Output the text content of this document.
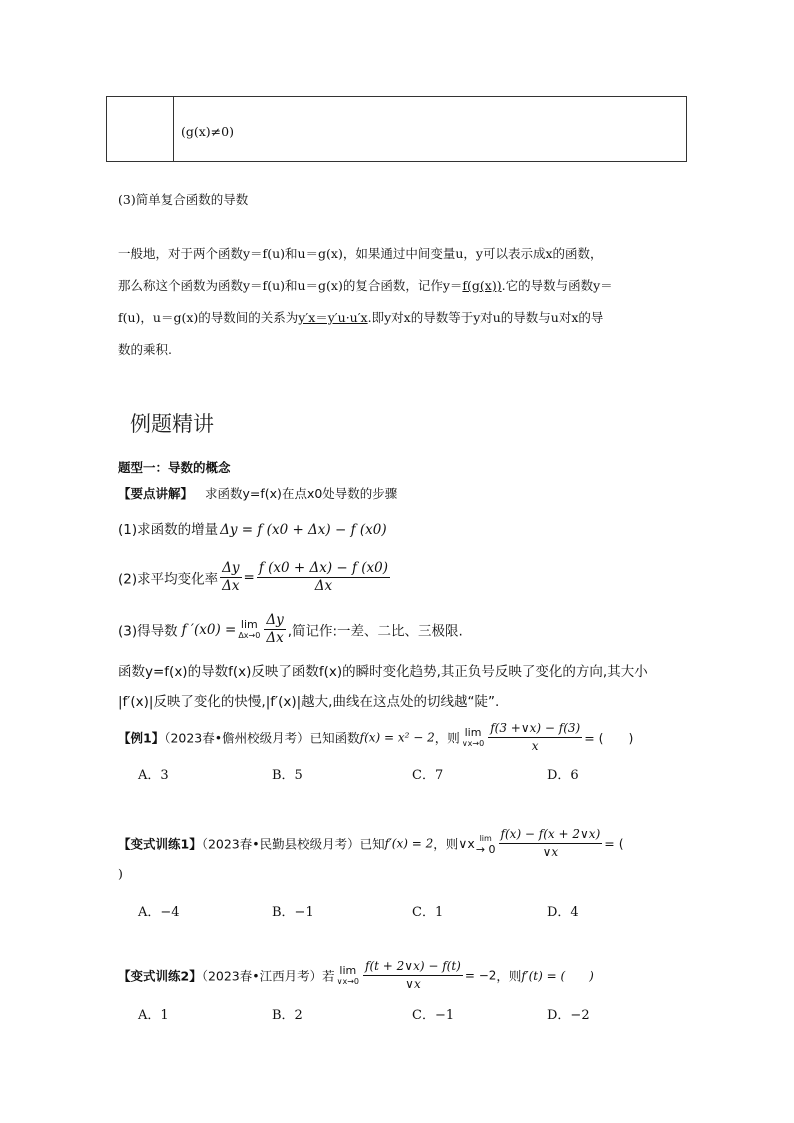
(g(x)≠0)
(3)简单复合函数的导数
一般地，对于两个函数y＝f(u)和u＝g(x)，如果通过中间变量u，y可以表示成x的函数，
那么称这个函数为函数y＝f(u)和u＝g(x)的复合函数，记作y＝f(g(x)).它的导数与函数y＝
f(u)，u＝g(x)的导数间的关系为y′x＝y′u·u′x.即y对x的导数等于y对u的导数与u对x的导
数的乘积.
例题精讲
题型一：导数的概念
【要点讲解】 求函数y=f(x)在点x0处导数的步骤
(1)求函数的增量 Δy = f (x0 + Δx) − f (x0)
(2)求平均变化率 $\frac{\Delta y}{\Delta x} = \frac{f (x0 + \Delta x) - f (x0)}{\Delta x}$
(3)得导数 f ′(x0) = lim
$\Delta x\to 0 \frac{\Delta y}{\Delta x}$ ,简记作:一差、二比、三极限.
函数y=f(x)的导数f(x)反映了函数f(x)的瞬时变化趋势,其正负号反映了变化的方向,其大小
|f′(x)|反映了变化的快慢,|f′(x)|越大,曲线在这点处的切线越“陡”.
【例1】（2023春•儋州校级月考）已知函数f(x) = x² − 2，则 lim
∨x→0 $\frac{f(3 +\vee x) - f(3)}{x}$ = (　　)
A．3	B．5	C．7	D．6
【变式训练1】（2023春•民勤县校级月考）已知f′(x) = 2，则∨x lim
→ $0 \frac{f(x) - f(x + 2\vee x)}{\vee x}$ = (
)
A．−4	B．−1	C．1	D．4
【变式训练2】（2023春•江西月考）若 lim
∨x→0 $\frac{f(t + 2\vee x) - f(t)}{\vee x} = -2$，则f′(t) = (　　)
A．1	B．2	C．−1	D．−2
